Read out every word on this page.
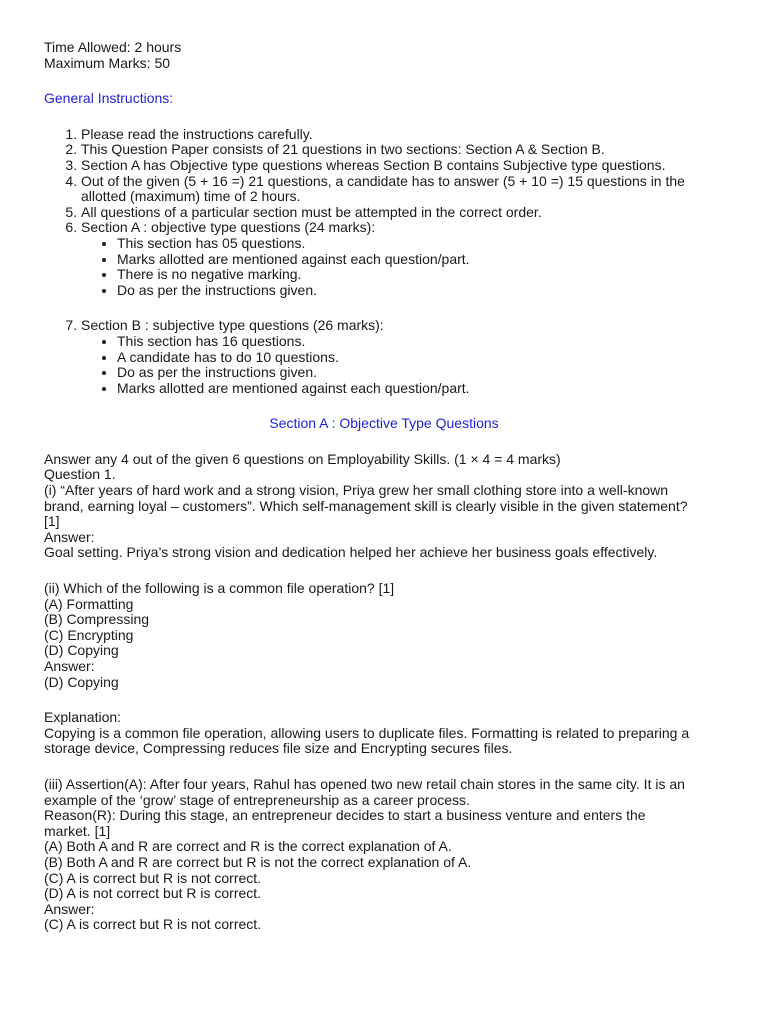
Time Allowed: 2 hours
Maximum Marks: 50
General Instructions:
1. Please read the instructions carefully.
2. This Question Paper consists of 21 questions in two sections: Section A & Section B.
3. Section A has Objective type questions whereas Section B contains Subjective type questions.
4. Out of the given (5 + 16 =) 21 questions, a candidate has to answer (5 + 10 =) 15 questions in the allotted (maximum) time of 2 hours.
5. All questions of a particular section must be attempted in the correct order.
6. Section A : objective type questions (24 marks):
• This section has 05 questions.
• Marks allotted are mentioned against each question/part.
• There is no negative marking.
• Do as per the instructions given.
7. Section B : subjective type questions (26 marks):
• This section has 16 questions.
• A candidate has to do 10 questions.
• Do as per the instructions given.
• Marks allotted are mentioned against each question/part.
Section A : Objective Type Questions
Answer any 4 out of the given 6 questions on Employability Skills. (1 × 4 = 4 marks)
Question 1.
(i) “After years of hard work and a strong vision, Priya grew her small clothing store into a well-known
brand, earning loyal – customers”. Which self-management skill is clearly visible in the given statement?
[1]
Answer:
Goal setting. Priya’s strong vision and dedication helped her achieve her business goals effectively.
(ii) Which of the following is a common file operation? [1]
(A) Formatting
(B) Compressing
(C) Encrypting
(D) Copying
Answer:
(D) Copying
Explanation:
Copying is a common file operation, allowing users to duplicate files. Formatting is related to preparing a
storage device, Compressing reduces file size and Encrypting secures files.
(iii) Assertion(A): After four years, Rahul has opened two new retail chain stores in the same city. It is an
example of the ‘grow’ stage of entrepreneurship as a career process.
Reason(R): During this stage, an entrepreneur decides to start a business venture and enters the
market. [1]
(A) Both A and R are correct and R is the correct explanation of A.
(B) Both A and R are correct but R is not the correct explanation of A.
(C) A is correct but R is not correct.
(D) A is not correct but R is correct.
Answer:
(C) A is correct but R is not correct.
